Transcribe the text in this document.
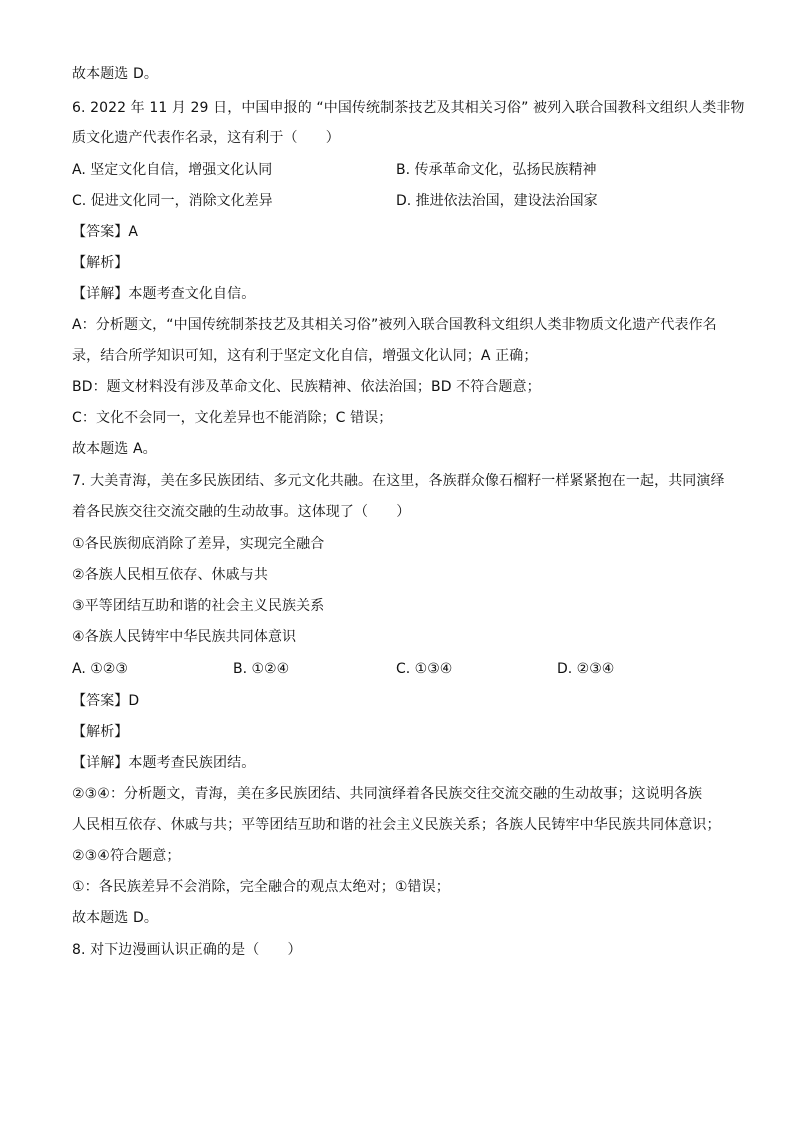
故本题选 D。
6. 2022 年 11 月 29 日，中国申报的 “中国传统制茶技艺及其相关习俗” 被列入联合国教科文组织人类非物
质文化遗产代表作名录，这有利于（　　）
A. 坚定文化自信，增强文化认同	B. 传承革命文化，弘扬民族精神
C. 促进文化同一，消除文化差异	D. 推进依法治国，建设法治国家
【答案】A
【解析】
【详解】本题考查文化自信。
A：分析题文，“中国传统制茶技艺及其相关习俗”被列入联合国教科文组织人类非物质文化遗产代表作名
录，结合所学知识可知，这有利于坚定文化自信，增强文化认同；A 正确；
BD：题文材料没有涉及革命文化、民族精神、依法治国；BD 不符合题意；
C：文化不会同一，文化差异也不能消除；C 错误；
故本题选 A。
7. 大美青海，美在多民族团结、多元文化共融。在这里，各族群众像石榴籽一样紧紧抱在一起，共同演绎
着各民族交往交流交融的生动故事。这体现了（　　）
①各民族彻底消除了差异，实现完全融合
②各族人民相互依存、休戚与共
③平等团结互助和谐的社会主义民族关系
④各族人民铸牢中华民族共同体意识
A. ①②③	B. ①②④	C. ①③④	D. ②③④
【答案】D
【解析】
【详解】本题考查民族团结。
②③④：分析题文，青海，美在多民族团结、共同演绎着各民族交往交流交融的生动故事；这说明各族
人民相互依存、休戚与共；平等团结互助和谐的社会主义民族关系；各族人民铸牢中华民族共同体意识；
②③④符合题意；
①：各民族差异不会消除，完全融合的观点太绝对；①错误；
故本题选 D。
8. 对下边漫画认识正确的是（　　）
